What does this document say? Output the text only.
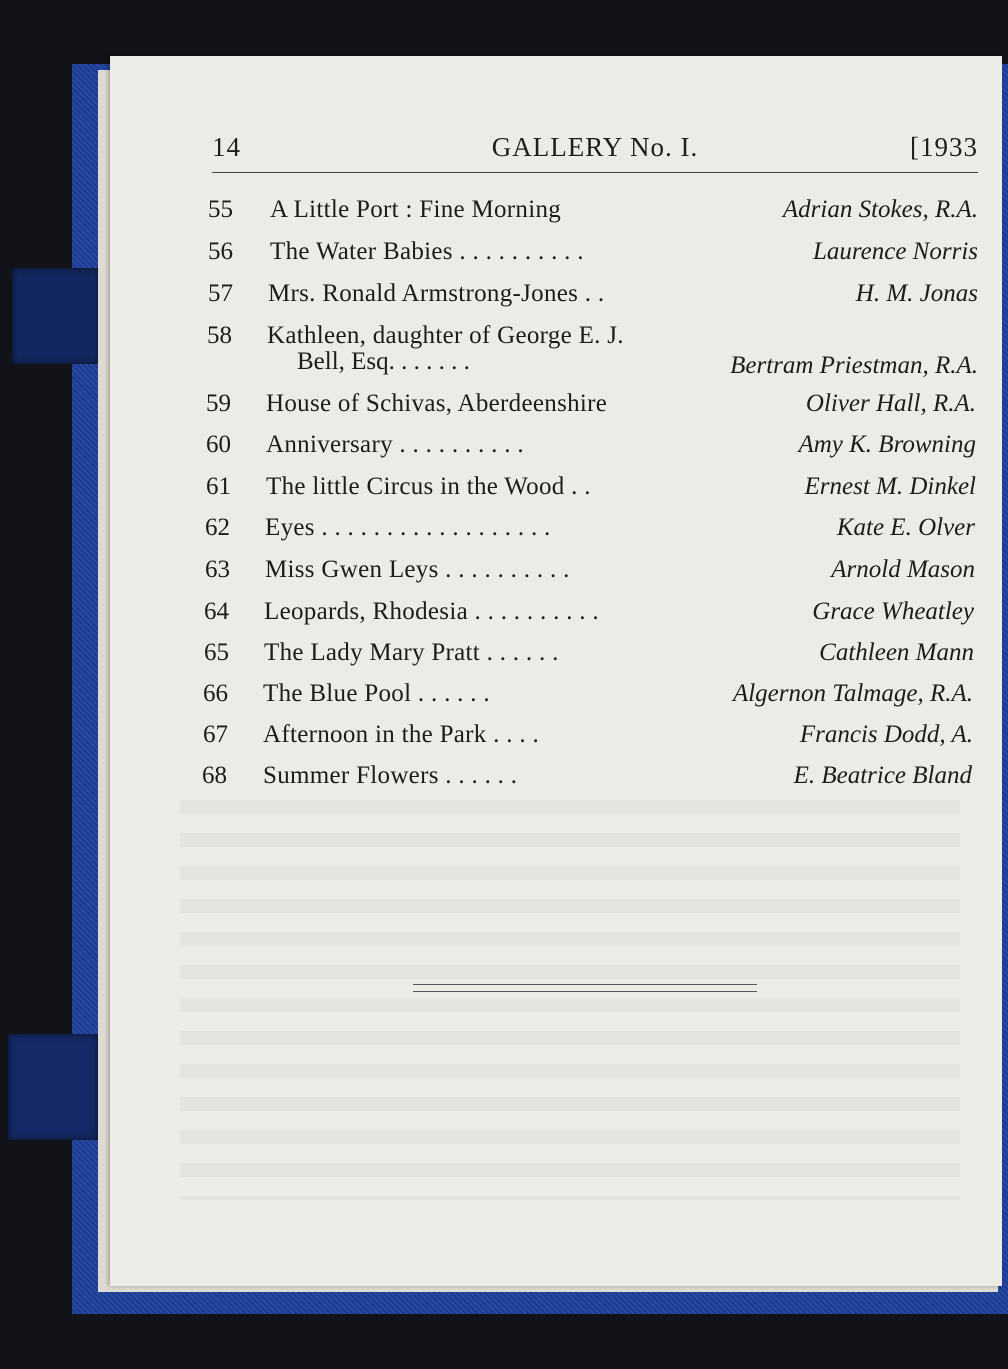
14	GALLERY No. I.	[1933
55 A Little Port : Fine Morning	Adrian Stokes, R.A.
56 The Water Babies . . . . . . . . . .	Laurence Norris
57 Mrs. Ronald Armstrong-Jones . .	H. M. Jonas
58 Kathleen, daughter of George E. J.
Bell, Esq. . . . . . .	Bertram Priestman, R.A.
59 House of Schivas, Aberdeenshire	Oliver Hall, R.A.
60 Anniversary . . . . . . . . . .	Amy K. Browning
61 The little Circus in the Wood . .	Ernest M. Dinkel
62 Eyes . . . . . . . . . . . . . . . . . .	Kate E. Olver
63 Miss Gwen Leys . . . . . . . . . .	Arnold Mason
64 Leopards, Rhodesia . . . . . . . . . .	Grace Wheatley
65 The Lady Mary Pratt . . . . . .	Cathleen Mann
66 The Blue Pool . . . . . .	Algernon Talmage, R.A.
67 Afternoon in the Park . . . .	Francis Dodd, A.
68 Summer Flowers . . . . . .	E. Beatrice Bland
